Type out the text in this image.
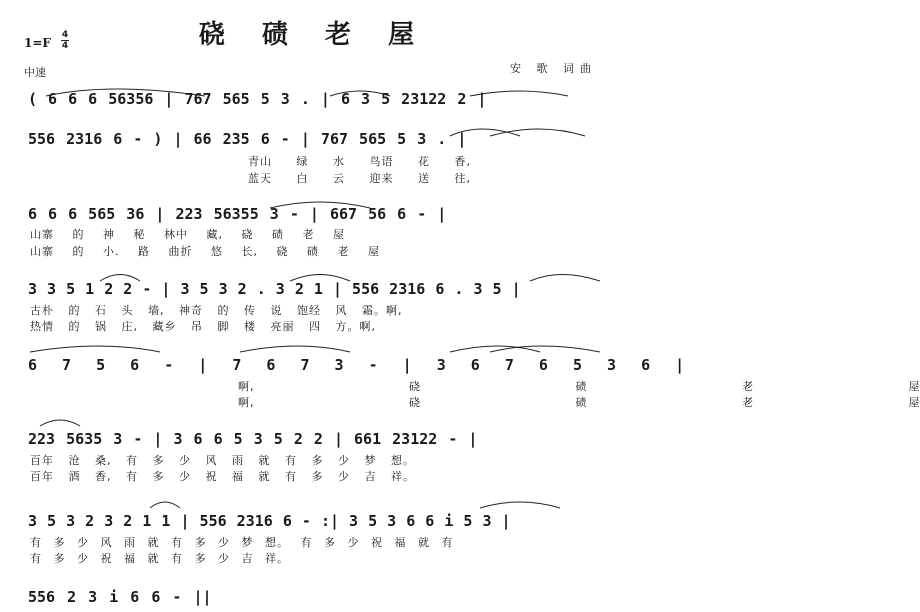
硗 碛 老 屋
1=F
4
4
中速	安 歌 词曲
( 6 6 6 56356 | 767 565 5 3 . | 6 3 5 23122 2 |
556 2316 6 - ) | 66 235 6 - | 767 565 5 3 . |
青山 绿 水 鸟语 花 香,
蓝天 白 云 迎来 送 往,
6 6 6 565 36 | 223 56355 3 - | 667 56 6 - |
山寨 的 神 秘 林中 藏, 硗 碛 老 屋
山寨 的 小. 路 曲折 悠 长, 硗 碛 老 屋
3 3 5 1 2 2 - | 3 5 3 2 . 3 2 1 | 556 2316 6 . 3 5 |
古朴 的 石 头 墙, 神奇 的 传 说 饱经 风 霜。啊,
热情 的 锅 庄, 藏乡 吊 脚 楼 亮丽 四 方。啊,
6 7 5 6 - | 7 6 7 3 - | 3 6 7 6 5 3 6 |
啊, 硗 碛 老 屋
啊, 硗 碛 老 屋
223 5635 3 - | 3 6 6 5 3 5 2 2 | 661 23122 - |
百年 沧 桑, 有 多 少 风 雨 就 有 多 少 梦 想。
百年 酒 香, 有 多 少 祝 福 就 有 多 少 吉 祥。
3 5 3 2 3 2 1 1 | 556 2316 6 - :| 3 5 3 6 6 i 5 3 |
有 多 少 风 雨 就 有 多 少 梦 想。 有 多 少 祝 福 就 有
有 多 少 祝 福 就 有 多 少 吉 祥。
556 2 3 i 6 6 - ||
